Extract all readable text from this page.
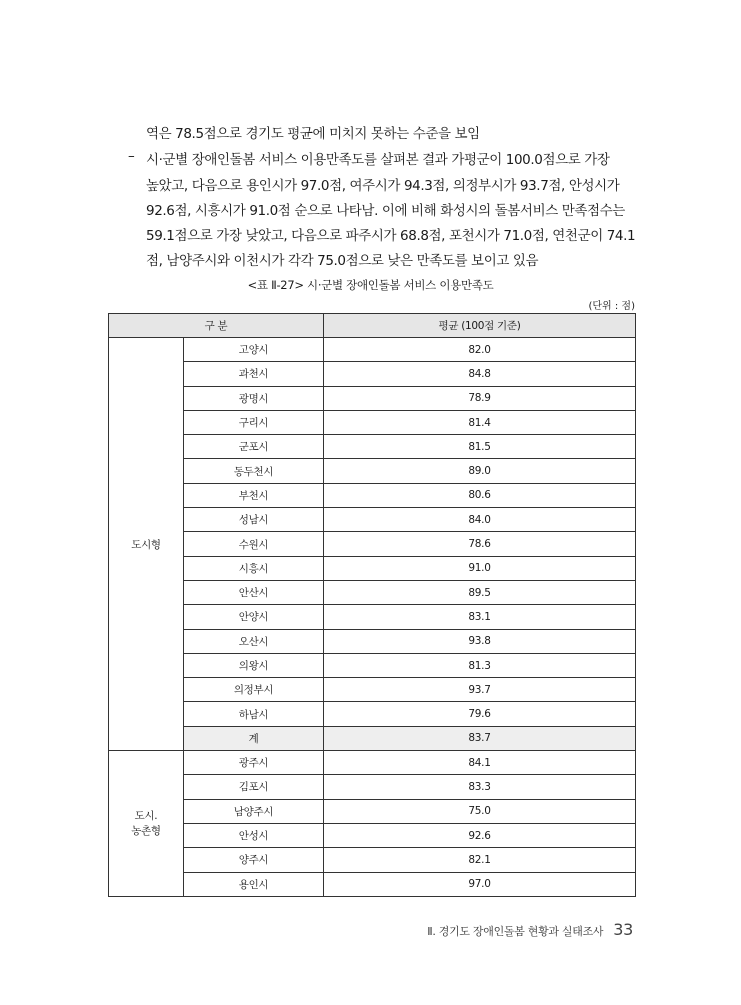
역은 78.5점으로 경기도 평균에 미치지 못하는 수준을 보임
– 시·군별 장애인돌봄 서비스 이용만족도를 살펴본 결과 가평군이 100.0점으로 가장
높았고, 다음으로 용인시가 97.0점, 여주시가 94.3점, 의정부시가 93.7점, 안성시가
92.6점, 시흥시가 91.0점 순으로 나타남. 이에 비해 화성시의 돌봄서비스 만족점수는
59.1점으로 가장 낮았고, 다음으로 파주시가 68.8점, 포천시가 71.0점, 연천군이 74.1
점, 남양주시와 이천시가 각각 75.0점으로 낮은 만족도를 보이고 있음
<표 Ⅱ-27> 시·군별 장애인돌봄 서비스 이용만족도
(단위 : 점)
구 분		평균 (100점 기준)
도시형	고양시	82.0
	과천시	84.8
	광명시	78.9
	구리시	81.4
	군포시	81.5
	동두천시	89.0
	부천시	80.6
	성남시	84.0
	수원시	78.6
	시흥시	91.0
	안산시	89.5
	안양시	83.1
	오산시	93.8
	의왕시	81.3
	의정부시	93.7
	하남시	79.6
	계	83.7

도시.
농촌형	광주시	84.1
	김포시	83.3
	남양주시	75.0
	안성시	92.6
	양주시	82.1
	용인시	97.0
Ⅱ. 경기도 장애인돌봄 현황과 실태조사 33
